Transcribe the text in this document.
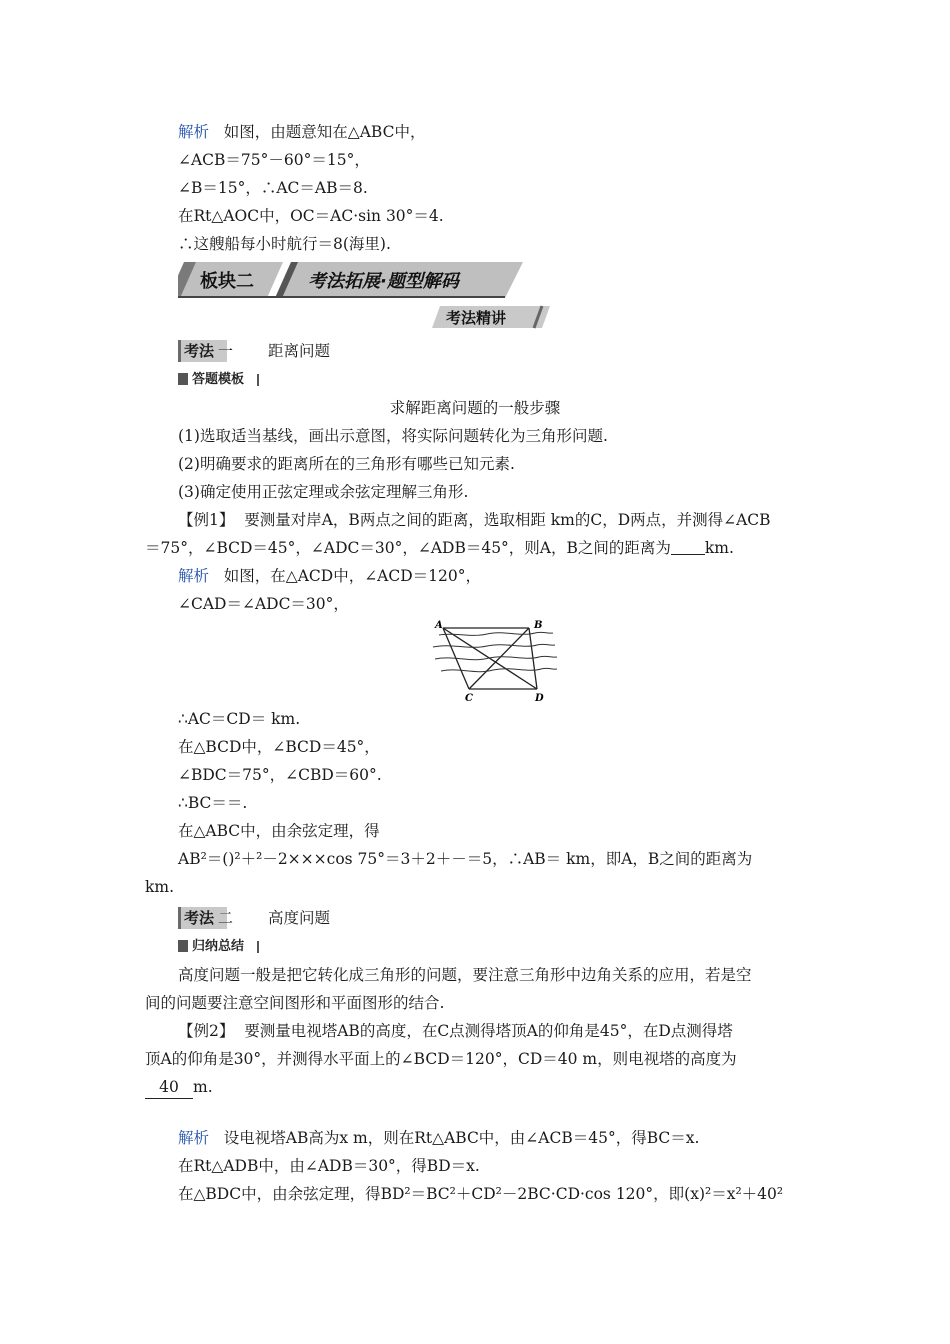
解析 如图，由题意知在△ABC中，
∠ACB＝75°－60°＝15°，
∠B＝15°，∴AC＝AB＝8.
在Rt△AOC中，OC＝AC·sin 30°＝4.
∴这艘船每小时航行＝8(海里).
板块二	考法拓展·题型解码
考法精讲
考法 一 距离问题
答题模板
求解距离问题的一般步骤
(1)选取适当基线，画出示意图，将实际问题转化为三角形问题.
(2)明确要求的距离所在的三角形有哪些已知元素.
(3)确定使用正弦定理或余弦定理解三角形.
【例1】 要测量对岸A，B两点之间的距离，选取相距 km的C，D两点，并测得∠ACB
＝75°，∠BCD＝45°，∠ADC＝30°，∠ADB＝45°，则A，B之间的距离为 km.
解析 如图，在△ACD中，∠ACD＝120°，
∠CAD＝∠ADC＝30°，
A	B
C	D
∴AC＝CD＝ km.
在△BCD中，∠BCD＝45°，
∠BDC＝75°，∠CBD＝60°.
∴BC＝＝.
在△ABC中，由余弦定理，得
AB²＝()²＋²－2×××cos 75°＝3＋2＋－＝5，∴AB＝ km，即A，B之间的距离为
km.
考法 二 高度问题
归纳总结
高度问题一般是把它转化成三角形的问题，要注意三角形中边角关系的应用，若是空
间的问题要注意空间图形和平面图形的结合.
【例2】 要测量电视塔AB的高度，在C点测得塔顶A的仰角是45°，在D点测得塔
顶A的仰角是30°，并测得水平面上的∠BCD＝120°，CD＝40 m，则电视塔的高度为
40 m.
解析 设电视塔AB高为x m，则在Rt△ABC中，由∠ACB＝45°，得BC＝x.
在Rt△ADB中，由∠ADB＝30°，得BD＝x.
在△BDC中，由余弦定理，得BD²＝BC²＋CD²－2BC·CD·cos 120°，即(x)²＝x²＋40²
